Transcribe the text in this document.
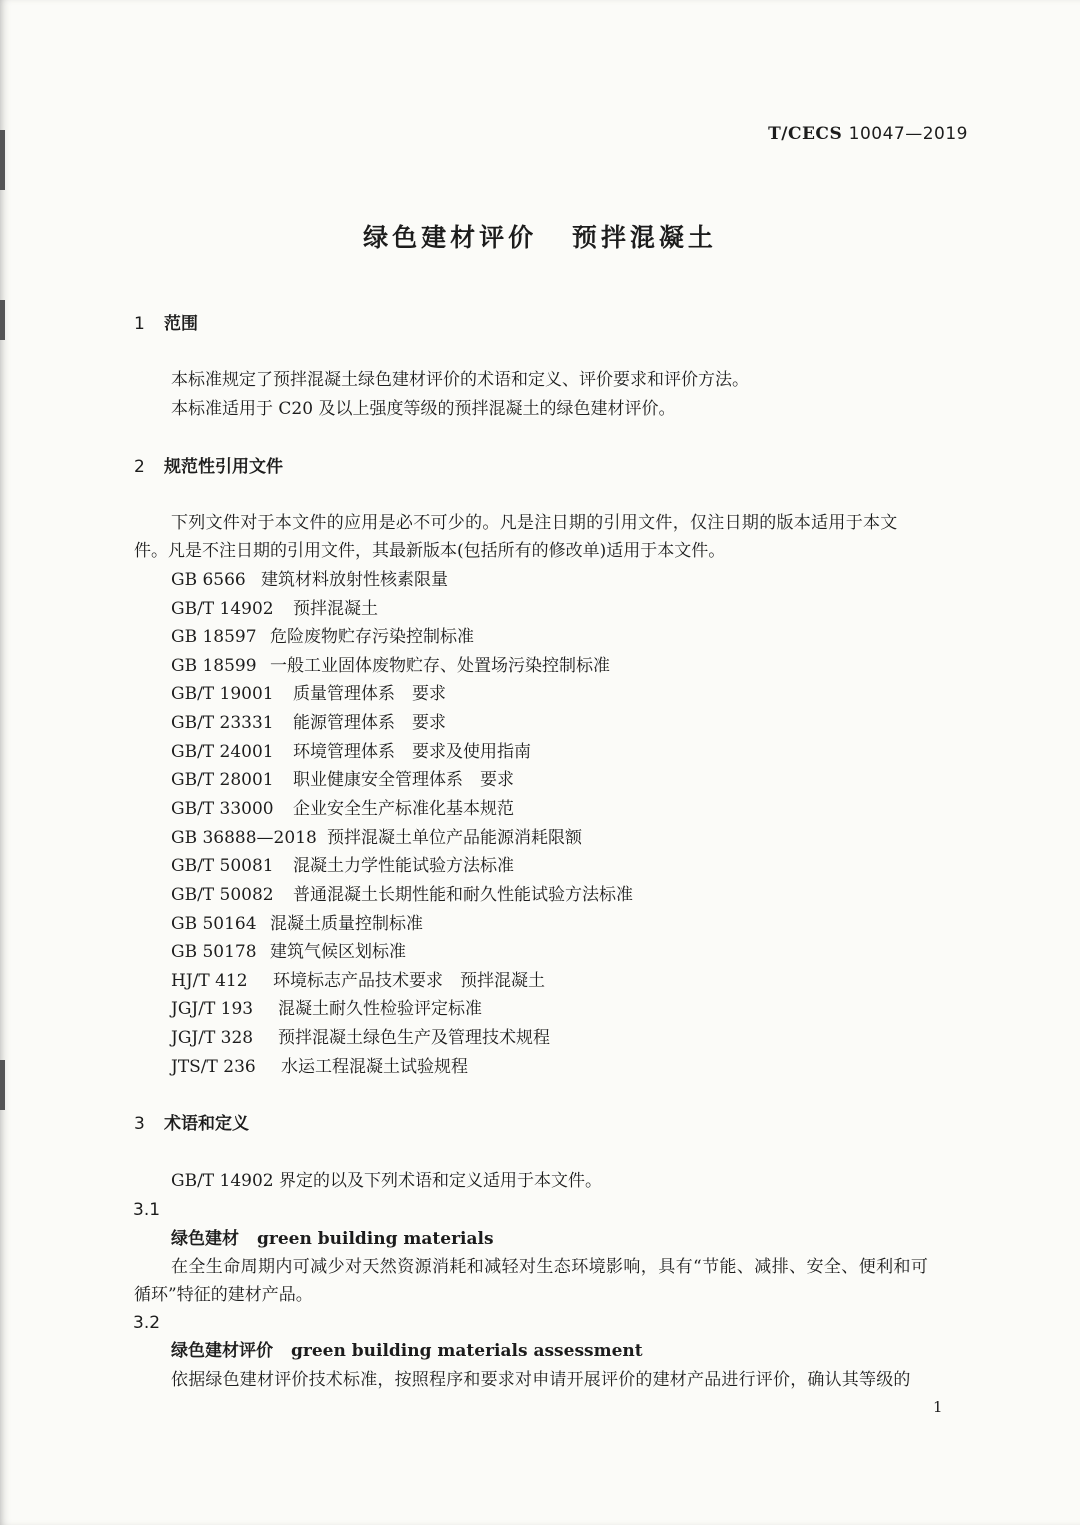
T/CECS 10047—2019
绿色建材评价 预拌混凝土
1 范围
本标准规定了预拌混凝土绿色建材评价的术语和定义、评价要求和评价方法。
本标准适用于 C20 及以上强度等级的预拌混凝土的绿色建材评价。
2 规范性引用文件
下列文件对于本文件的应用是必不可少的。凡是注日期的引用文件，仅注日期的版本适用于本文
件。凡是不注日期的引用文件，其最新版本(包括所有的修改单)适用于本文件。
GB 6566 建筑材料放射性核素限量
GB/T 14902 预拌混凝土
GB 18597 危险废物贮存污染控制标准
GB 18599 一般工业固体废物贮存、处置场污染控制标准
GB/T 19001 质量管理体系　要求
GB/T 23331 能源管理体系　要求
GB/T 24001 环境管理体系　要求及使用指南
GB/T 28001 职业健康安全管理体系　要求
GB/T 33000 企业安全生产标准化基本规范
GB 36888—2018 预拌混凝土单位产品能源消耗限额
GB/T 50081 混凝土力学性能试验方法标准
GB/T 50082 普通混凝土长期性能和耐久性能试验方法标准
GB 50164 混凝土质量控制标准
GB 50178 建筑气候区划标准
HJ/T 412 环境标志产品技术要求　预拌混凝土
JGJ/T 193 混凝土耐久性检验评定标准
JGJ/T 328 预拌混凝土绿色生产及管理技术规程
JTS/T 236 水运工程混凝土试验规程
3 术语和定义
GB/T 14902 界定的以及下列术语和定义适用于本文件。
3.1
绿色建材 green building materials
在全生命周期内可减少对天然资源消耗和减轻对生态环境影响，具有“节能、减排、安全、便利和可
循环”特征的建材产品。
3.2
绿色建材评价 green building materials assessment
依据绿色建材评价技术标准，按照程序和要求对申请开展评价的建材产品进行评价，确认其等级的
1
